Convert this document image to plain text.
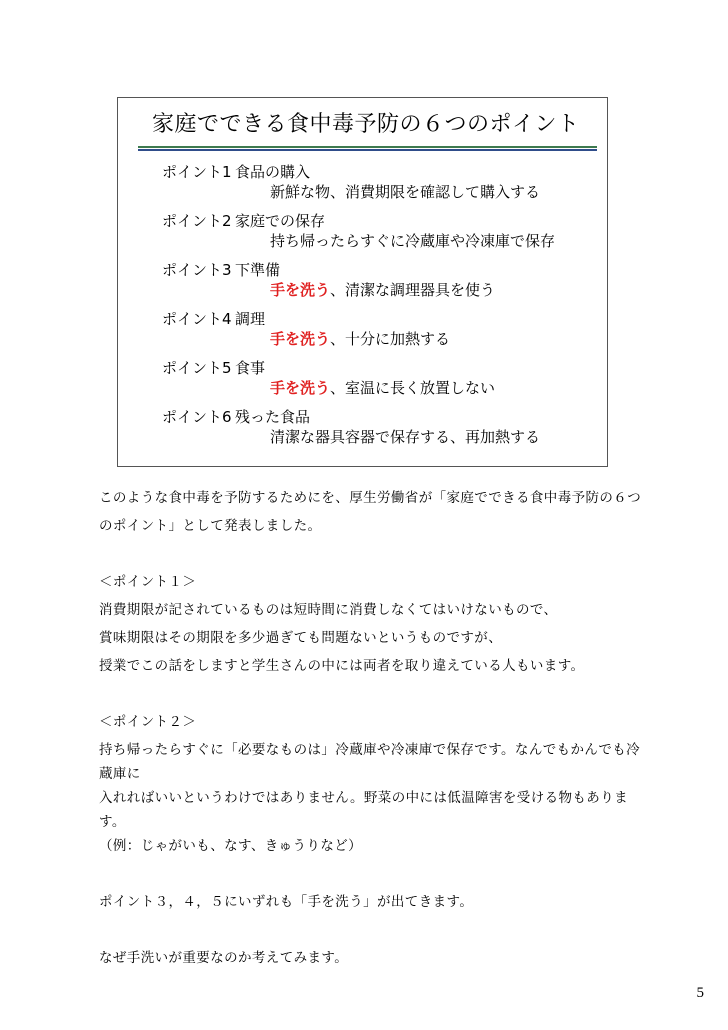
家庭でできる食中毒予防の６つのポイント
ポイント1 食品の購入
新鮮な物、消費期限を確認して購入する
ポイント2 家庭での保存
持ち帰ったらすぐに冷蔵庫や冷凍庫で保存
ポイント3 下準備
手を洗う、清潔な調理器具を使う
ポイント4 調理
手を洗う、十分に加熱する
ポイント5 食事
手を洗う、室温に長く放置しない
ポイント6 残った食品
清潔な器具容器で保存する、再加熱する
このような食中毒を予防するためにを、厚生労働省が「家庭でできる食中毒予防の６つ
のポイント」として発表しました。

＜ポイント１＞
消費期限が記されているものは短時間に消費しなくてはいけないもので、
賞味期限はその期限を多少過ぎても問題ないというものですが、
授業でこの話をしますと学生さんの中には両者を取り違えている人もいます。

＜ポイント２＞
持ち帰ったらすぐに「必要なものは」冷蔵庫や冷凍庫で保存です。なんでもかんでも冷
蔵庫に
入れればいいというわけではありません。野菜の中には低温障害を受ける物もありま
す。
（例：じゃがいも、なす、きゅうりなど）

ポイント３，４，５にいずれも「手を洗う」が出てきます。

なぜ手洗いが重要なのか考えてみます。
5
